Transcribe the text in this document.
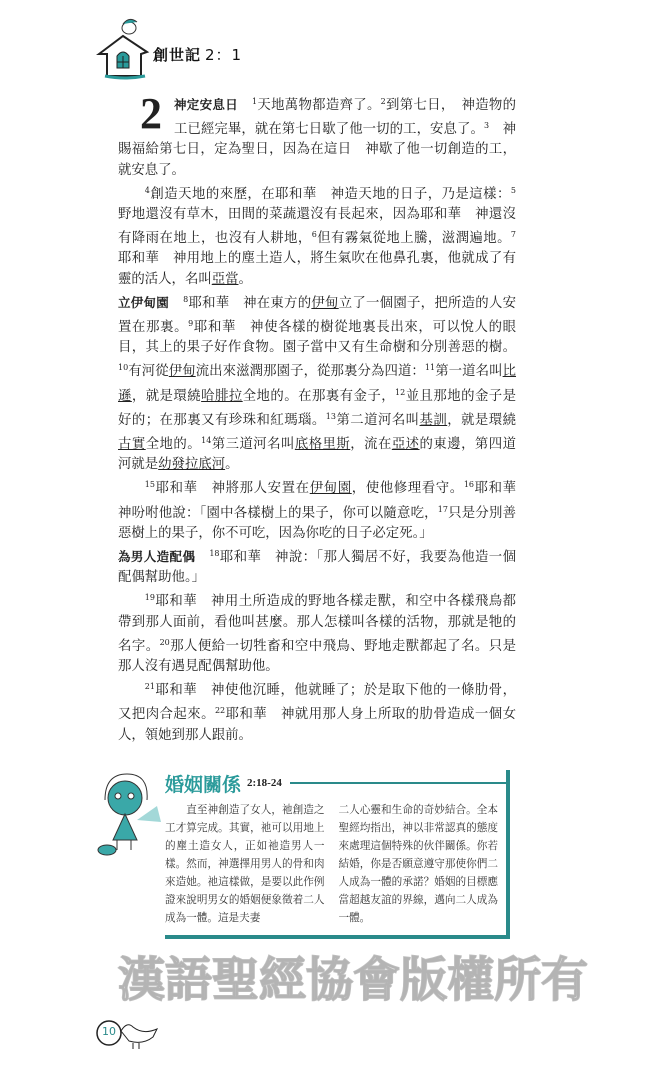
創世記 2：1

2 神定安息日 $^1$天地萬物都造齊了。$^2$到第七日，　神造物的工已經完畢，就在第七日歇了他一切的工，安息了。$^3$　神賜福給第七日，定為聖日，因為在這日　神歇了他一切創造的工，就安息了。

$^4$創造天地的來歷，在耶和華　神造天地的日子，乃是這樣：$^5$野地還沒有草木，田間的菜蔬還沒有長起來，因為耶和華　神還沒有降雨在地上，也沒有人耕地，$^6$但有霧氣從地上騰，滋潤遍地。$^7$耶和華　神用地上的塵土造人，將生氣吹在他鼻孔裏，他就成了有靈的活人，名叫亞當。

立伊甸園 $^8$耶和華　神在東方的伊甸立了一個園子，把所造的人安置在那裏。$^9$耶和華　神使各樣的樹從地裏長出來，可以悅人的眼目，其上的果子好作食物。園子當中又有生命樹和分別善惡的樹。$^{10}$有河從伊甸流出來滋潤那園子，從那裏分為四道：$^{11}$第一道名叫比遜，就是環繞哈腓拉全地的。在那裏有金子，$^{12}$並且那地的金子是好的；在那裏又有珍珠和紅瑪瑙。$^{13}$第二道河名叫基訓，就是環繞古實全地的。$^{14}$第三道河名叫底格里斯，流在亞述的東邊，第四道河就是幼發拉底河。

$^{15}$耶和華　神將那人安置在伊甸園，使他修理看守。$^{16}$耶和華　神吩咐他說：「園中各樣樹上的果子，你可以隨意吃，$^{17}$只是分別善惡樹上的果子，你不可吃，因為你吃的日子必定死。」

為男人造配偶 $^{18}$耶和華　神說：「那人獨居不好，我要為他造一個配偶幫助他。」

$^{19}$耶和華　神用土所造成的野地各樣走獸，和空中各樣飛鳥都帶到那人面前，看他叫甚麼。那人怎樣叫各樣的活物，那就是牠的名字。$^{20}$那人便給一切牲畜和空中飛鳥、野地走獸都起了名。只是那人沒有遇見配偶幫助他。

$^{21}$耶和華　神使他沉睡，他就睡了；於是取下他的一條肋骨，又把肉合起來。$^{22}$耶和華　神就用那人身上所取的肋骨造成一個女人，領她到那人跟前。

婚姻關係 2:18-24
　　直至神創造了女人，祂創造之工才算完成。其實，祂可以用地上的塵土造女人，正如祂造男人一樣。然而，神選擇用男人的骨和肉來造她。祂這樣做，是要以此作例證來說明男女的婚姻便象徵着二人成為一體。這是夫妻
二人心靈和生命的奇妙結合。全本聖經均指出，神以非常認真的態度來處理這個特殊的伙伴關係。你若結婚，你是否願意遵守那使你們二人成為一體的承諾？婚姻的目標應當超越友誼的界線，邁向二人成為一體。
漢語聖經協會版權所有
10
